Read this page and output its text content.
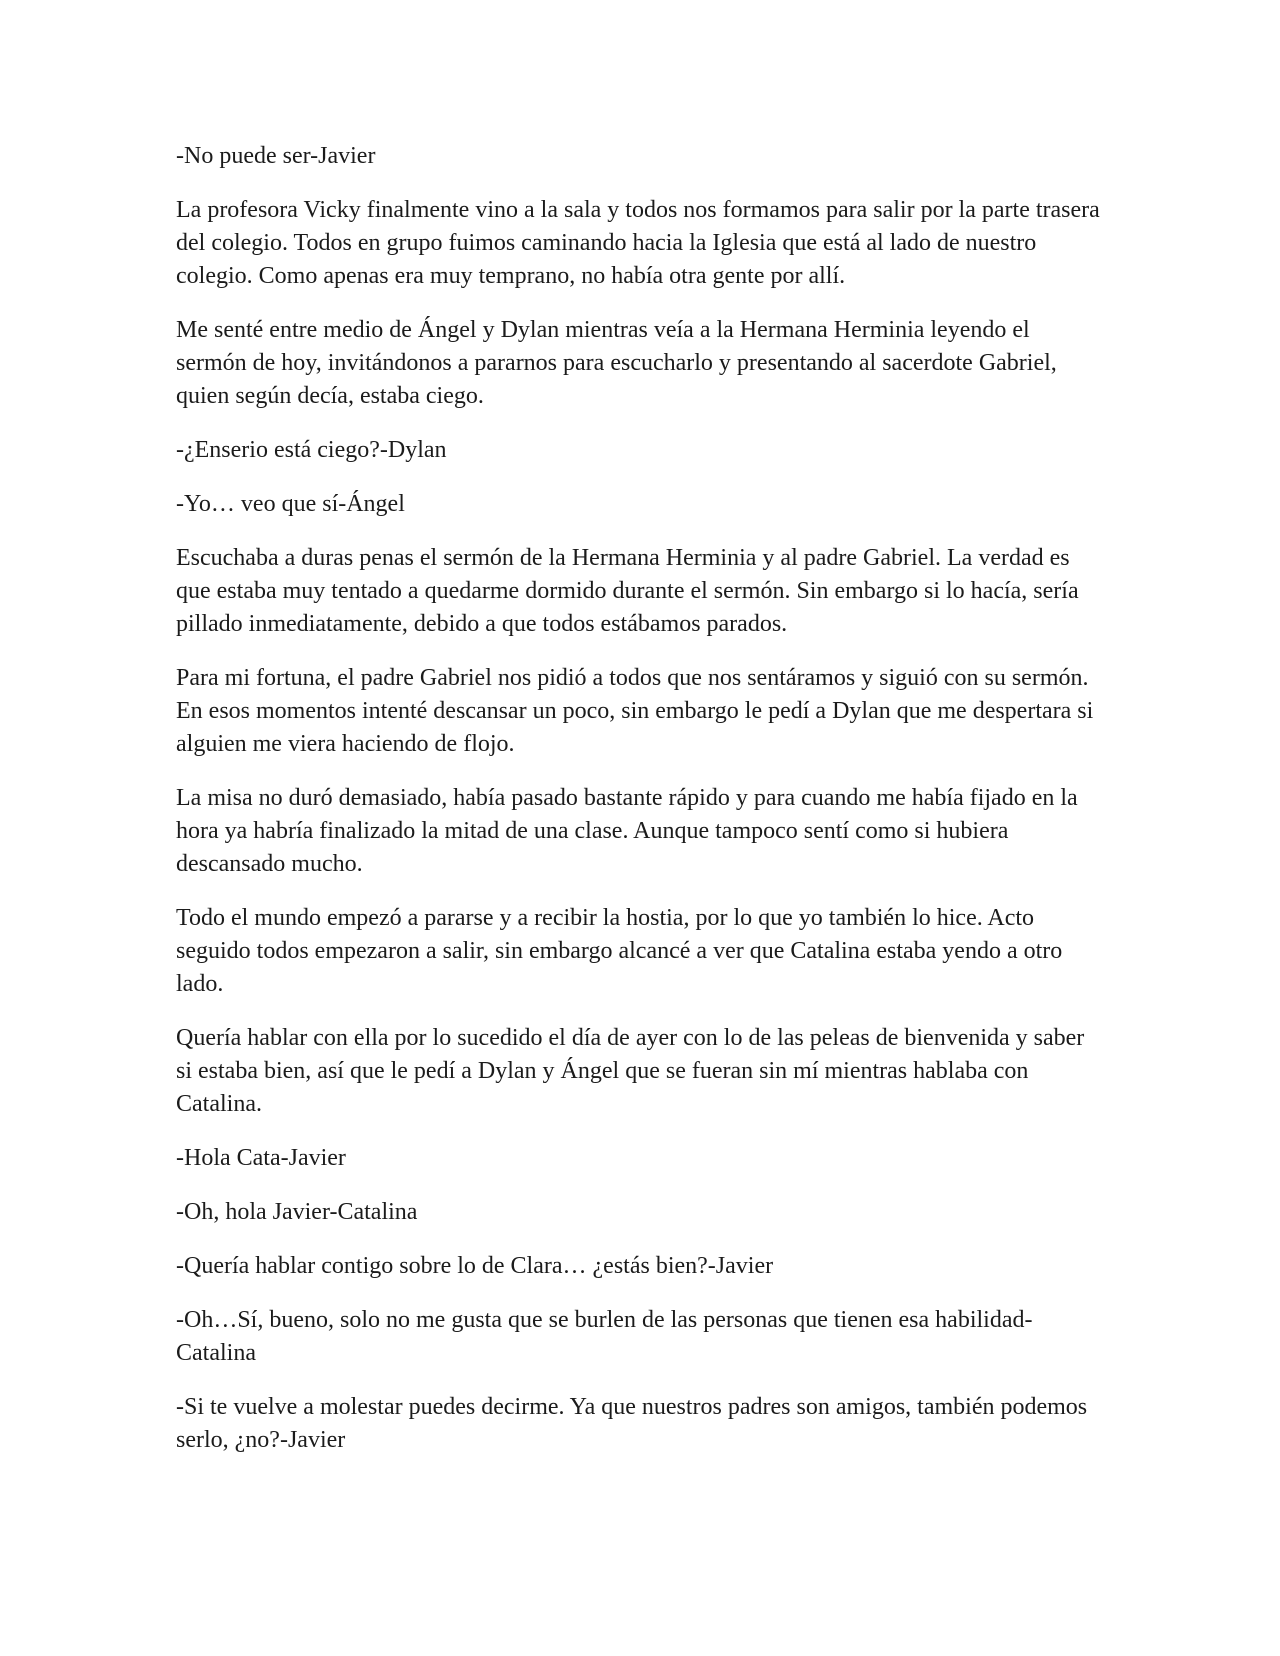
-No puede ser-Javier

La profesora Vicky finalmente vino a la sala y todos nos formamos para salir por la parte trasera del colegio. Todos en grupo fuimos caminando hacia la Iglesia que está al lado de nuestro colegio. Como apenas era muy temprano, no había otra gente por allí.

Me senté entre medio de Ángel y Dylan mientras veía a la Hermana Herminia leyendo el sermón de hoy, invitándonos a pararnos para escucharlo y presentando al sacerdote Gabriel, quien según decía, estaba ciego.

-¿Enserio está ciego?-Dylan

-Yo… veo que sí-Ángel

Escuchaba a duras penas el sermón de la Hermana Herminia y al padre Gabriel. La verdad es que estaba muy tentado a quedarme dormido durante el sermón. Sin embargo si lo hacía, sería pillado inmediatamente, debido a que todos estábamos parados.

Para mi fortuna, el padre Gabriel nos pidió a todos que nos sentáramos y siguió con su sermón. En esos momentos intenté descansar un poco, sin embargo le pedí a Dylan que me despertara si alguien me viera haciendo de flojo.

La misa no duró demasiado, había pasado bastante rápido y para cuando me había fijado en la hora ya habría finalizado la mitad de una clase. Aunque tampoco sentí como si hubiera descansado mucho.

Todo el mundo empezó a pararse y a recibir la hostia, por lo que yo también lo hice. Acto seguido todos empezaron a salir, sin embargo alcancé a ver que Catalina estaba yendo a otro lado.

Quería hablar con ella por lo sucedido el día de ayer con lo de las peleas de bienvenida y saber si estaba bien, así que le pedí a Dylan y Ángel que se fueran sin mí mientras hablaba con Catalina.

-Hola Cata-Javier

-Oh, hola Javier-Catalina

-Quería hablar contigo sobre lo de Clara… ¿estás bien?-Javier

-Oh…Sí, bueno, solo no me gusta que se burlen de las personas que tienen esa habilidad-Catalina

-Si te vuelve a molestar puedes decirme. Ya que nuestros padres son amigos, también podemos serlo, ¿no?-Javier
